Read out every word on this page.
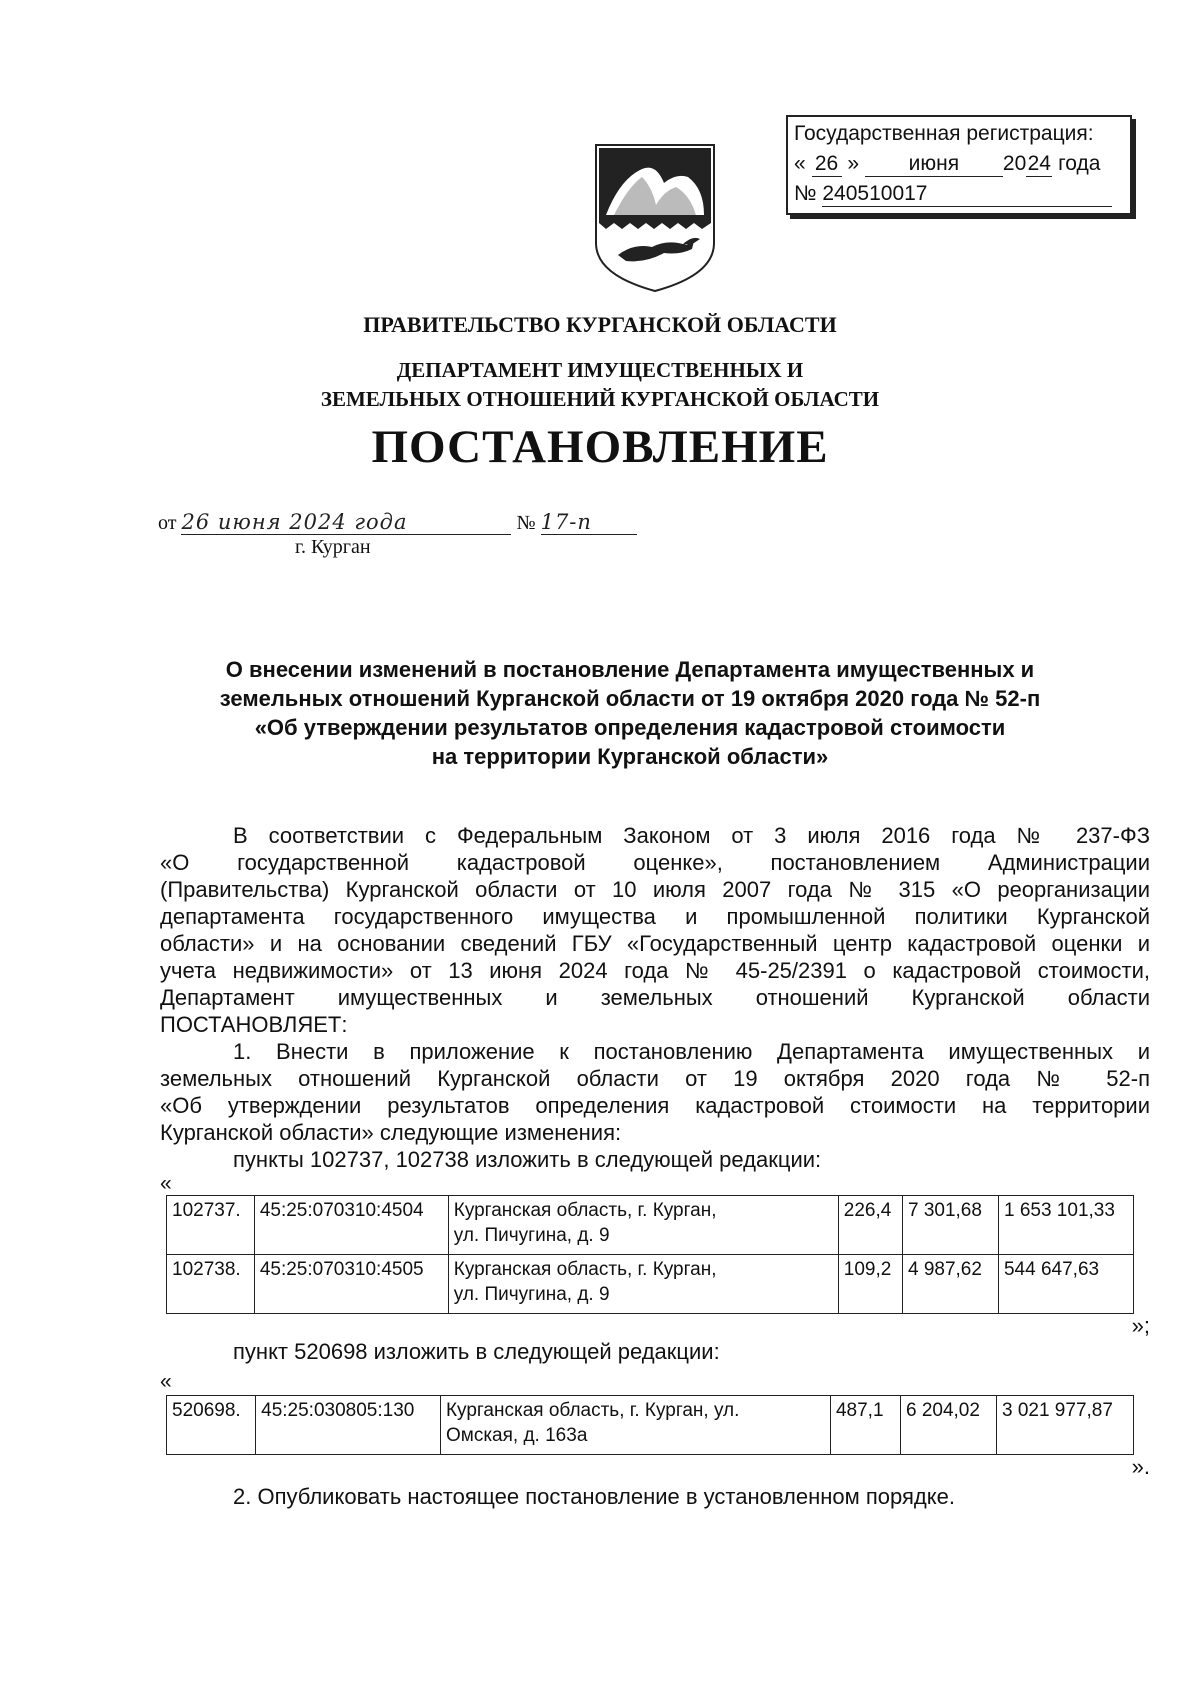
Государственная регистрация:
« 26 » июня 2024 года
№ 240510017
ПРАВИТЕЛЬСТВО КУРГАНСКОЙ ОБЛАСТИ
ДЕПАРТАМЕНТ ИМУЩЕСТВЕННЫХ И
ЗЕМЕЛЬНЫХ ОТНОШЕНИЙ КУРГАНСКОЙ ОБЛАСТИ
ПОСТАНОВЛЕНИЕ
от 26 июня 2024 года	№ 17-п
г. Курган
О внесении изменений в постановление Департамента имущественных и
земельных отношений Курганской области от 19 октября 2020 года № 52-п
«Об утверждении результатов определения кадастровой стоимости
на территории Курганской области»

В соответствии с Федеральным Законом от 3 июля 2016 года № 237-ФЗ

«О государственной кадастровой оценке», постановлением Администрации

(Правительства) Курганской области от 10 июля 2007 года № 315 «О реорганизации

департамента государственного имущества и промышленной политики Курганской

области» и на основании сведений ГБУ «Государственный центр кадастровой оценки и

учета недвижимости» от 13 июня 2024 года № 45-25/2391 о кадастровой стоимости,

Департамент имущественных и земельных отношений Курганской области

ПОСТАНОВЛЯЕТ:

1. Внести в приложение к постановлению Департамента имущественных и

земельных отношений Курганской области от 19 октября 2020 года № 52-п

«Об утверждении результатов определения кадастровой стоимости на территории

Курганской области» следующие изменения:

пункты 102737, 102738 изложить в следующей редакции:

«
102737.	45:25:070310:4504	Курганская область, г. Курган,
ул. Пичугина, д. 9	226,4	7 301,68	1 653 101,33
102738.	45:25:070310:4505	Курганская область, г. Курган,
ул. Пичугина, д. 9	109,2	4 987,62	544 647,63
»;

пункт 520698 изложить в следующей редакции:

«
520698.	45:25:030805:130	Курганская область, г. Курган, ул.
Омская, д. 163а
	487,1	6 204,02	3 021 977,87
».

2. Опубликовать настоящее постановление в установленном порядке.
